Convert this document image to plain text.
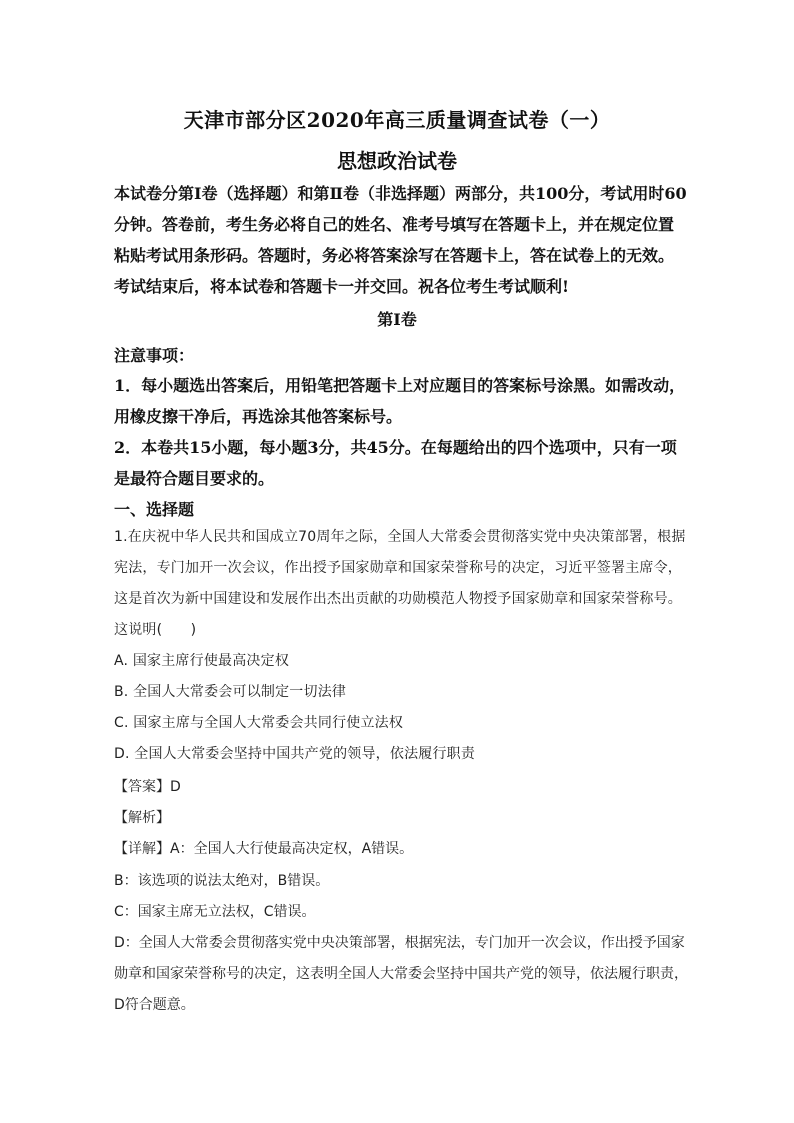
天津市部分区2020年高三质量调查试卷（一）
思想政治试卷
本试卷分第Ⅰ卷（选择题）和第Ⅱ卷（非选择题）两部分，共100分，考试用时60
分钟。答卷前，考生务必将自己的姓名、准考号填写在答题卡上，并在规定位置
粘贴考试用条形码。答题时，务必将答案涂写在答题卡上，答在试卷上的无效。
考试结束后，将本试卷和答题卡一并交回。祝各位考生考试顺利!
第Ⅰ卷
注意事项：
1．每小题选出答案后，用铅笔把答题卡上对应题目的答案标号涂黑。如需改动，
用橡皮擦干净后，再选涂其他答案标号。
2．本卷共15小题，每小题3分，共45分。在每题给出的四个选项中，只有一项
是最符合题目要求的。
一、选择题
1.在庆祝中华人民共和国成立70周年之际，全国人大常委会贯彻落实党中央决策部署，根据
宪法，专门加开一次会议，作出授予国家勋章和国家荣誉称号的决定，习近平签署主席令，
这是首次为新中国建设和发展作出杰出贡献的功勋模范人物授予国家勋章和国家荣誉称号。
这说明(　　)
A. 国家主席行使最高决定权
B. 全国人大常委会可以制定一切法律
C. 国家主席与全国人大常委会共同行使立法权
D. 全国人大常委会坚持中国共产党的领导，依法履行职责
【答案】D
【解析】
【详解】A：全国人大行使最高决定权，A错误。
B：该选项的说法太绝对，B错误。
C：国家主席无立法权，C错误。
D：全国人大常委会贯彻落实党中央决策部署，根据宪法，专门加开一次会议，作出授予国家
勋章和国家荣誉称号的决定，这表明全国人大常委会坚持中国共产党的领导，依法履行职责，
D符合题意。
